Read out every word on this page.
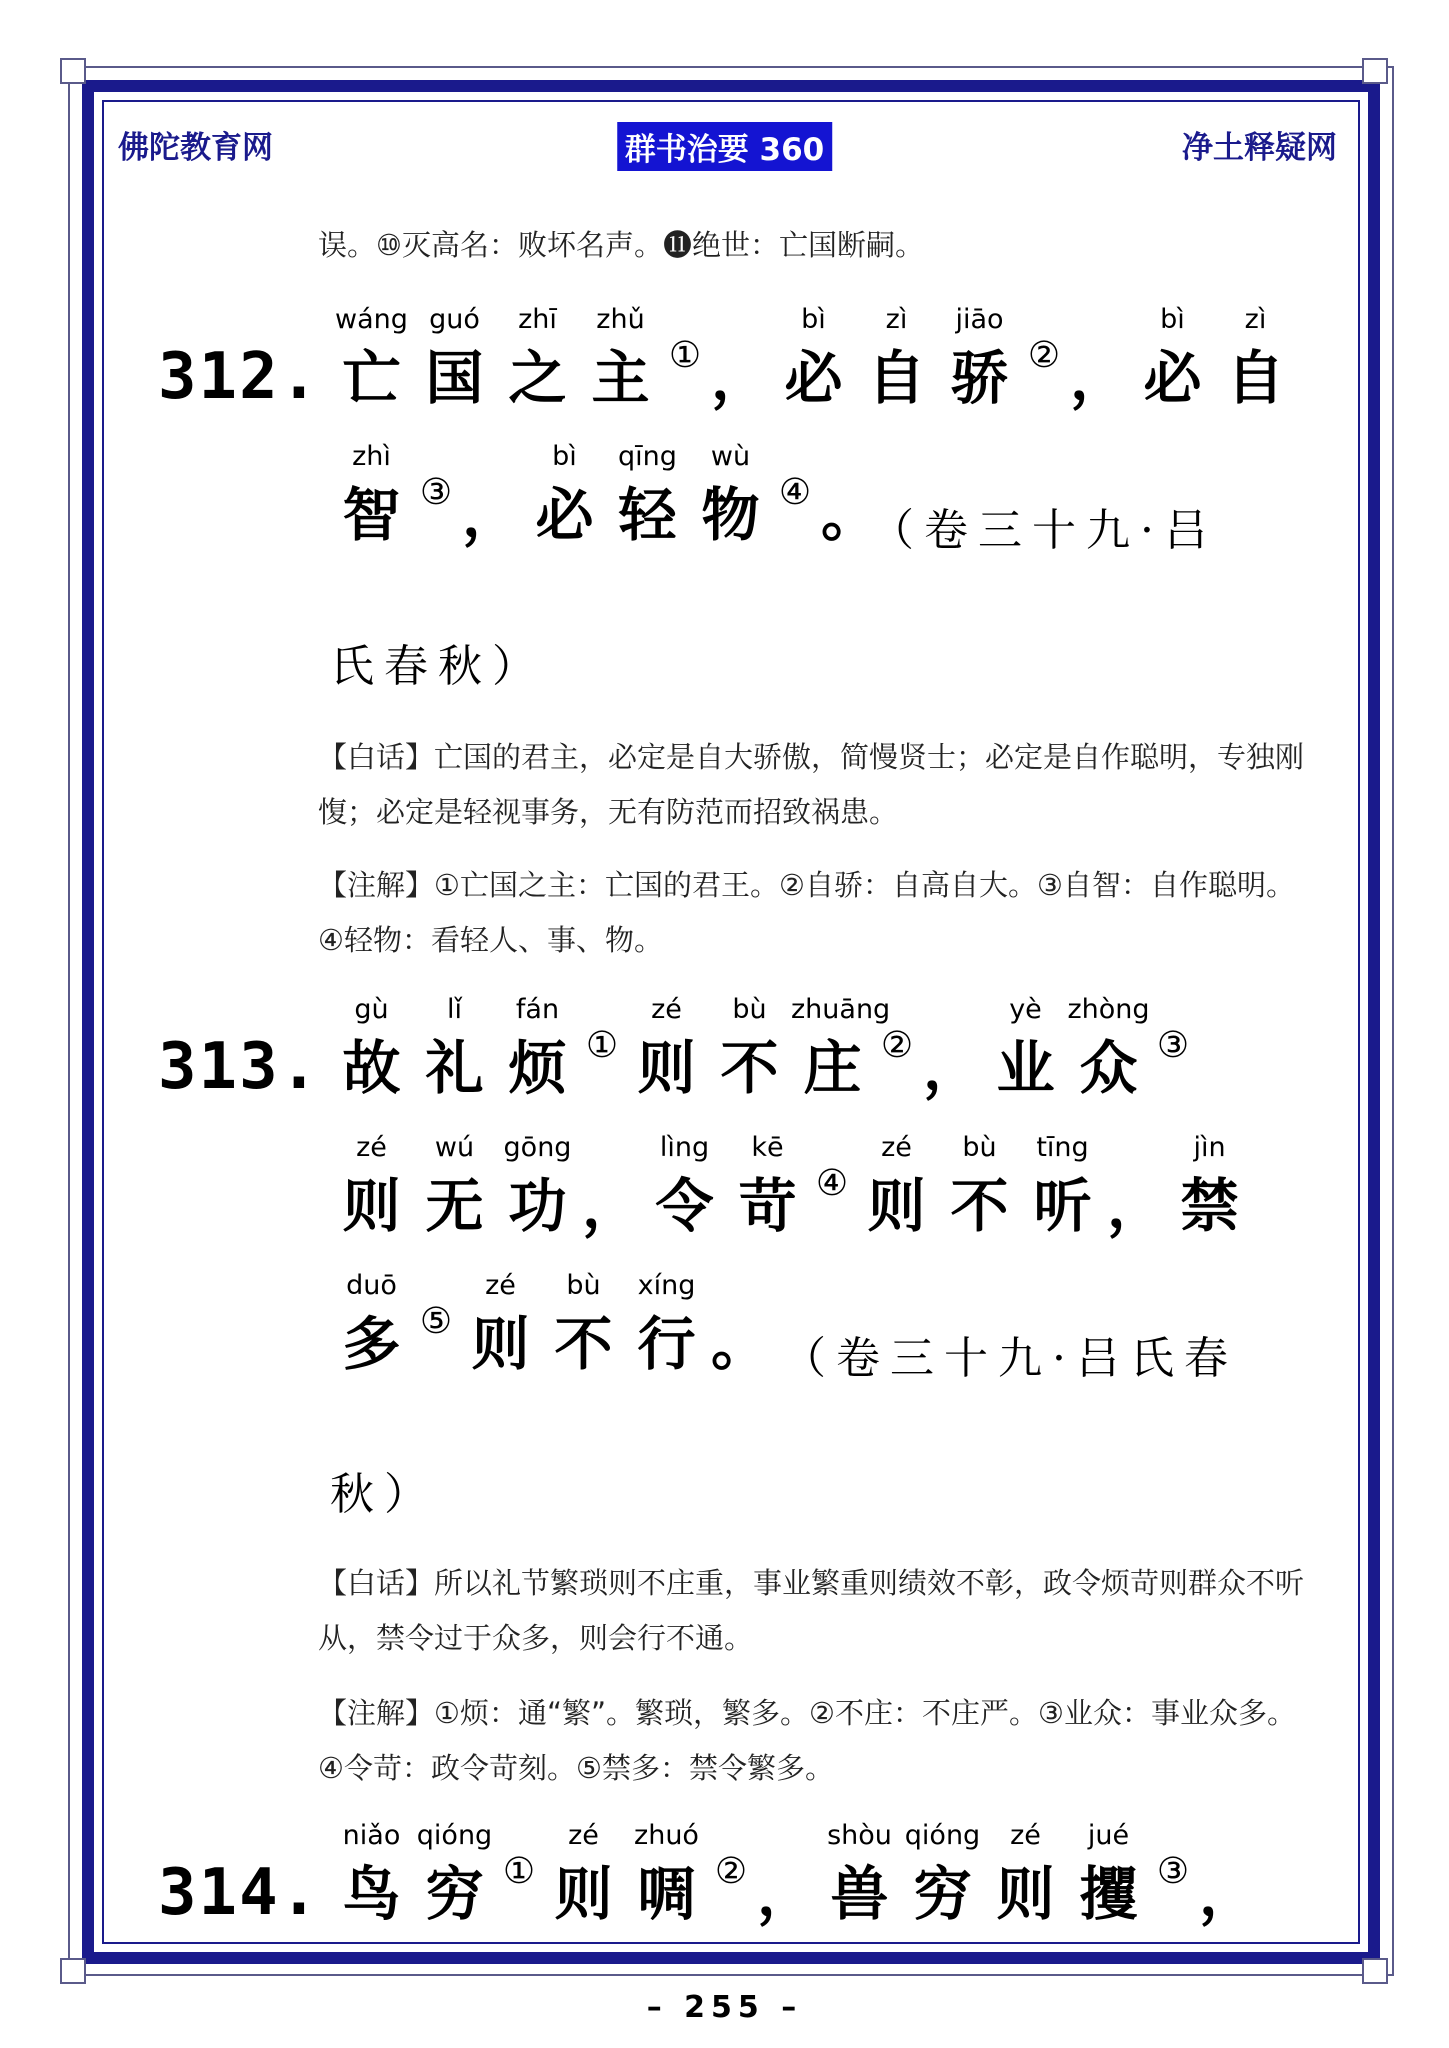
佛陀教育网	群书治要 360	净土释疑网
误。⑩灭高名：败坏名声。⓫绝世：亡国断嗣。
312.
wáng
亡
guó
国
zhī
之
zhǔ
主 ① ，
bì
必
zì
自
jiāo
骄 ② ，
bì
必
zì
自
zhì
智 ③ ，
bì
必
qīng
轻
wù
物 ④ 。
（卷三十九·吕
氏春秋）
【白话】亡国的君主，必定是自大骄傲，简慢贤士；必定是自作聪明，专独刚愎；必定是轻视事务，无有防范而招致祸患。
【注解】①亡国之主：亡国的君王。②自骄：自高自大。③自智：自作聪明。④轻物：看轻人、事、物。
313.
gù
故
lǐ
礼
fán
烦 ①
zé
则
bù
不
zhuāng
庄 ② ，
yè
业
zhòng
众 ③
zé
则
wú
无
gōng
功 ，
lìng
令
kē
苛 ④
zé
则
bù
不
tīng
听 ，
jìn
禁
duō
多 ⑤
zé
则
bù
不
xíng
行 。 （卷三十九·吕氏春
秋）
【白话】所以礼节繁琐则不庄重，事业繁重则绩效不彰，政令烦苛则群众不听从，禁令过于众多，则会行不通。
【注解】①烦：通“繁”。繁琐，繁多。②不庄：不庄严。③业众：事业众多。④令苛：政令苛刻。⑤禁多：禁令繁多。
314.
niǎo
鸟
qióng
穷 ①
zé
则
zhuó
啁 ② ，
shòu
兽
qióng
穷
zé
则
jué
攫 ③ ，
– 255 –
